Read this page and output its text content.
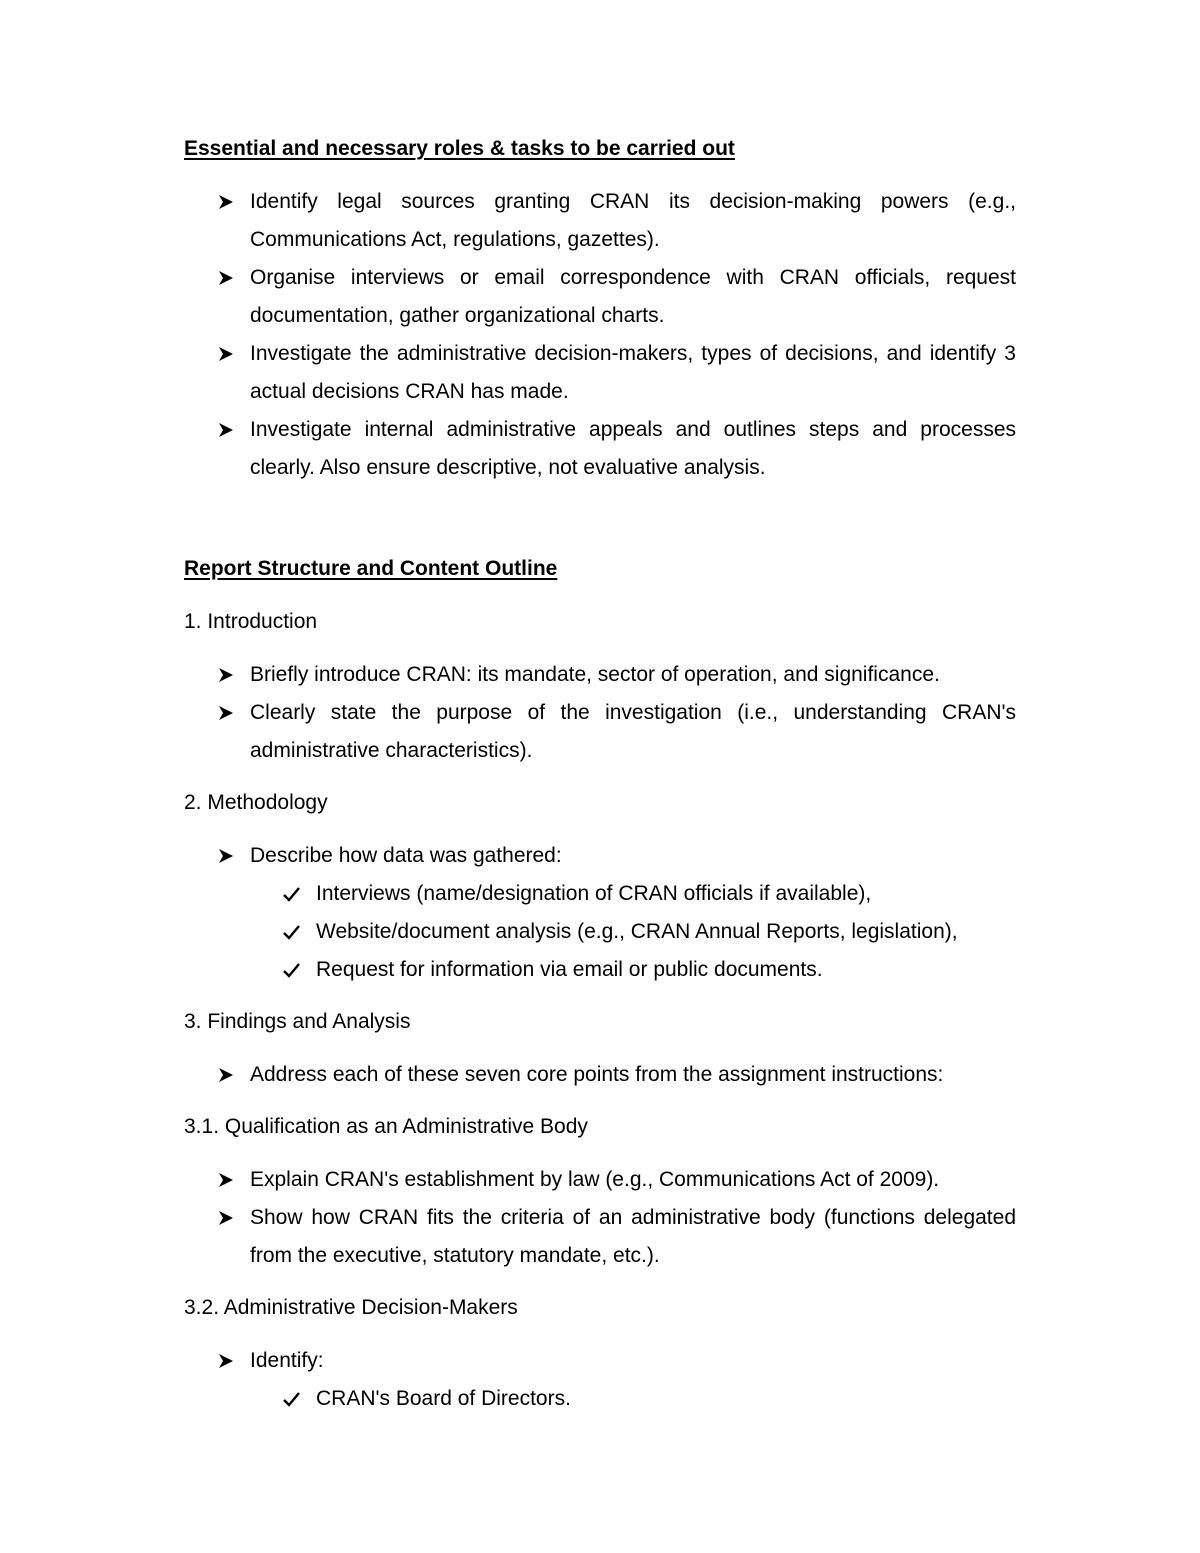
Essential and necessary roles & tasks to be carried out

Identify legal sources granting CRAN its decision-making powers (e.g., Communications Act, regulations, gazettes).
Organise interviews or email correspondence with CRAN officials, request documentation, gather organizational charts.
Investigate the administrative decision-makers, types of decisions, and identify 3 actual decisions CRAN has made.
Investigate internal administrative appeals and outlines steps and processes clearly. Also ensure descriptive, not evaluative analysis.

Report Structure and Content Outline

1. Introduction

Briefly introduce CRAN: its mandate, sector of operation, and significance.
Clearly state the purpose of the investigation (i.e., understanding CRAN's administrative characteristics).

2. Methodology

Describe how data was gathered:
Interviews (name/designation of CRAN officials if available),
Website/document analysis (e.g., CRAN Annual Reports, legislation),
Request for information via email or public documents.

3. Findings and Analysis

Address each of these seven core points from the assignment instructions:

3.1. Qualification as an Administrative Body

Explain CRAN's establishment by law (e.g., Communications Act of 2009).
Show how CRAN fits the criteria of an administrative body (functions delegated from the executive, statutory mandate, etc.).

3.2. Administrative Decision-Makers

Identify:
CRAN's Board of Directors.
